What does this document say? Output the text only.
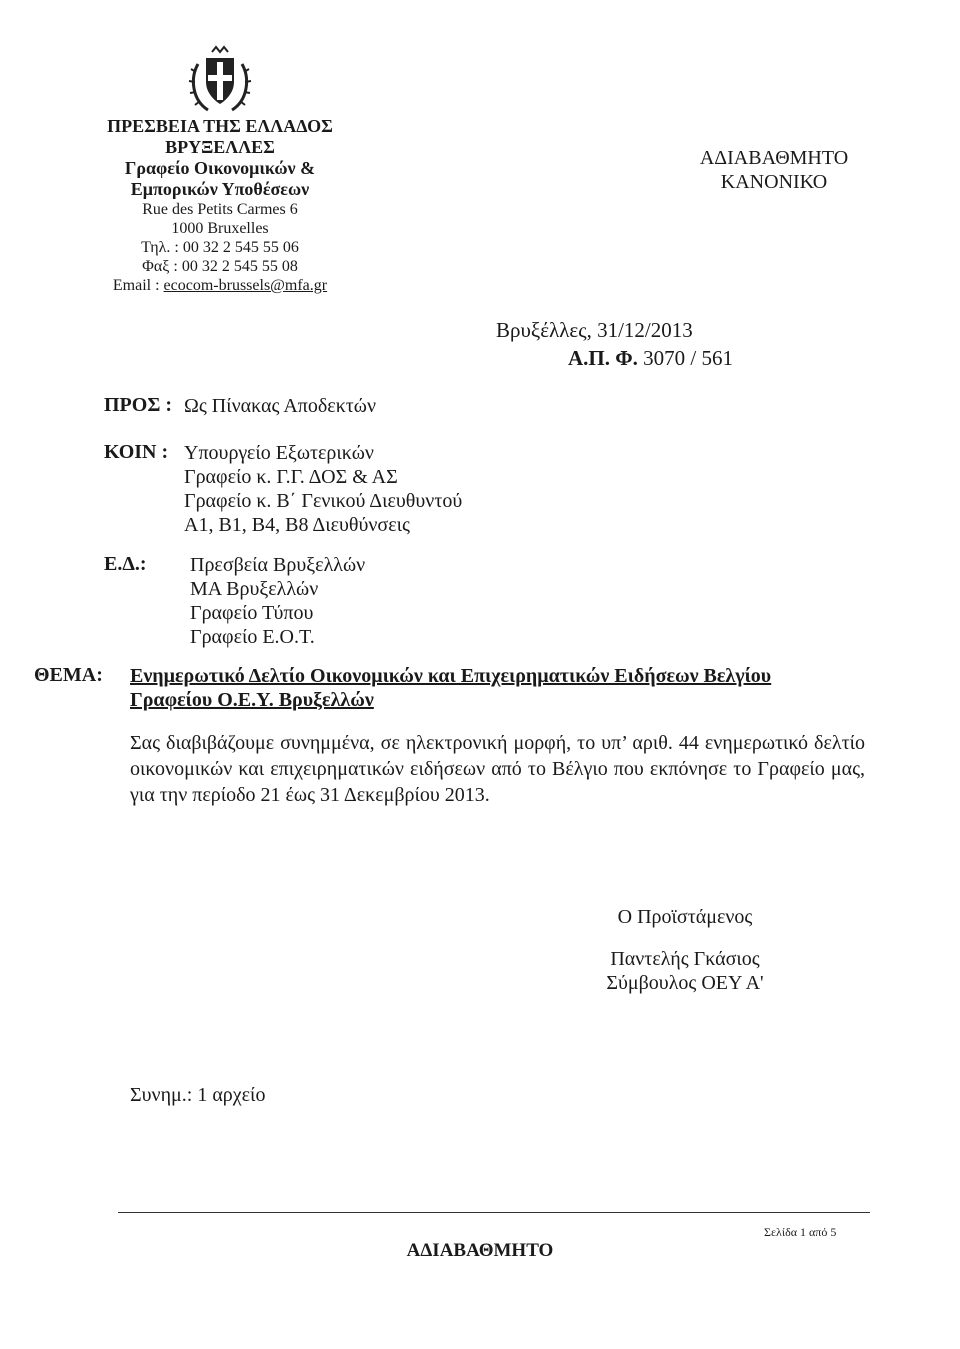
ΠΡΕΣΒΕΙΑ ΤΗΣ ΕΛΛΑΔΟΣ
ΒΡΥΞΕΛΛΕΣ
Γραφείο Οικονομικών &
Εμπορικών Υποθέσεων
Rue des Petits Carmes 6
1000 Bruxelles
Τηλ. : 00 32 2 545 55 06
Φαξ : 00 32 2 545 55 08
Email : ecocom-brussels@mfa.gr
ΑΔΙΑΒΑΘΜΗΤΟ
ΚΑΝΟΝΙΚΟ
Βρυξέλλες, 31/12/2013
Α.Π. Φ. 3070 / 561
ΠΡΟΣ : Ως Πίνακας Αποδεκτών
ΚΟΙΝ : Υπουργείο Εξωτερικών
Γραφείο κ. Γ.Γ. ΔΟΣ & ΑΣ
Γραφείο κ. Β΄ Γενικού Διευθυντού
Α1, Β1, Β4, Β8 Διευθύνσεις
Ε.Δ.: Πρεσβεία Βρυξελλών
ΜΑ Βρυξελλών
Γραφείο Τύπου
Γραφείο Ε.Ο.Τ.
ΘΕΜΑ: Ενημερωτικό Δελτίο Οικονομικών και Επιχειρηματικών Ειδήσεων Βελγίου
Γραφείου Ο.Ε.Υ. Βρυξελλών
Σας διαβιβάζουμε συνημμένα, σε ηλεκτρονική μορφή, το υπ’ αριθ. 44 ενημερωτικό δελτίο οικονομικών και επιχειρηματικών ειδήσεων από το Βέλγιο που εκπόνησε το Γραφείο μας, για την περίοδο 21 έως 31 Δεκεμβρίου 2013.
Ο Προϊστάμενος
Παντελής Γκάσιος
Σύμβουλος ΟΕΥ Α'
Συνημ.: 1 αρχείο
Σελίδα 1 από 5
ΑΔΙΑΒΑΘΜΗΤΟ
